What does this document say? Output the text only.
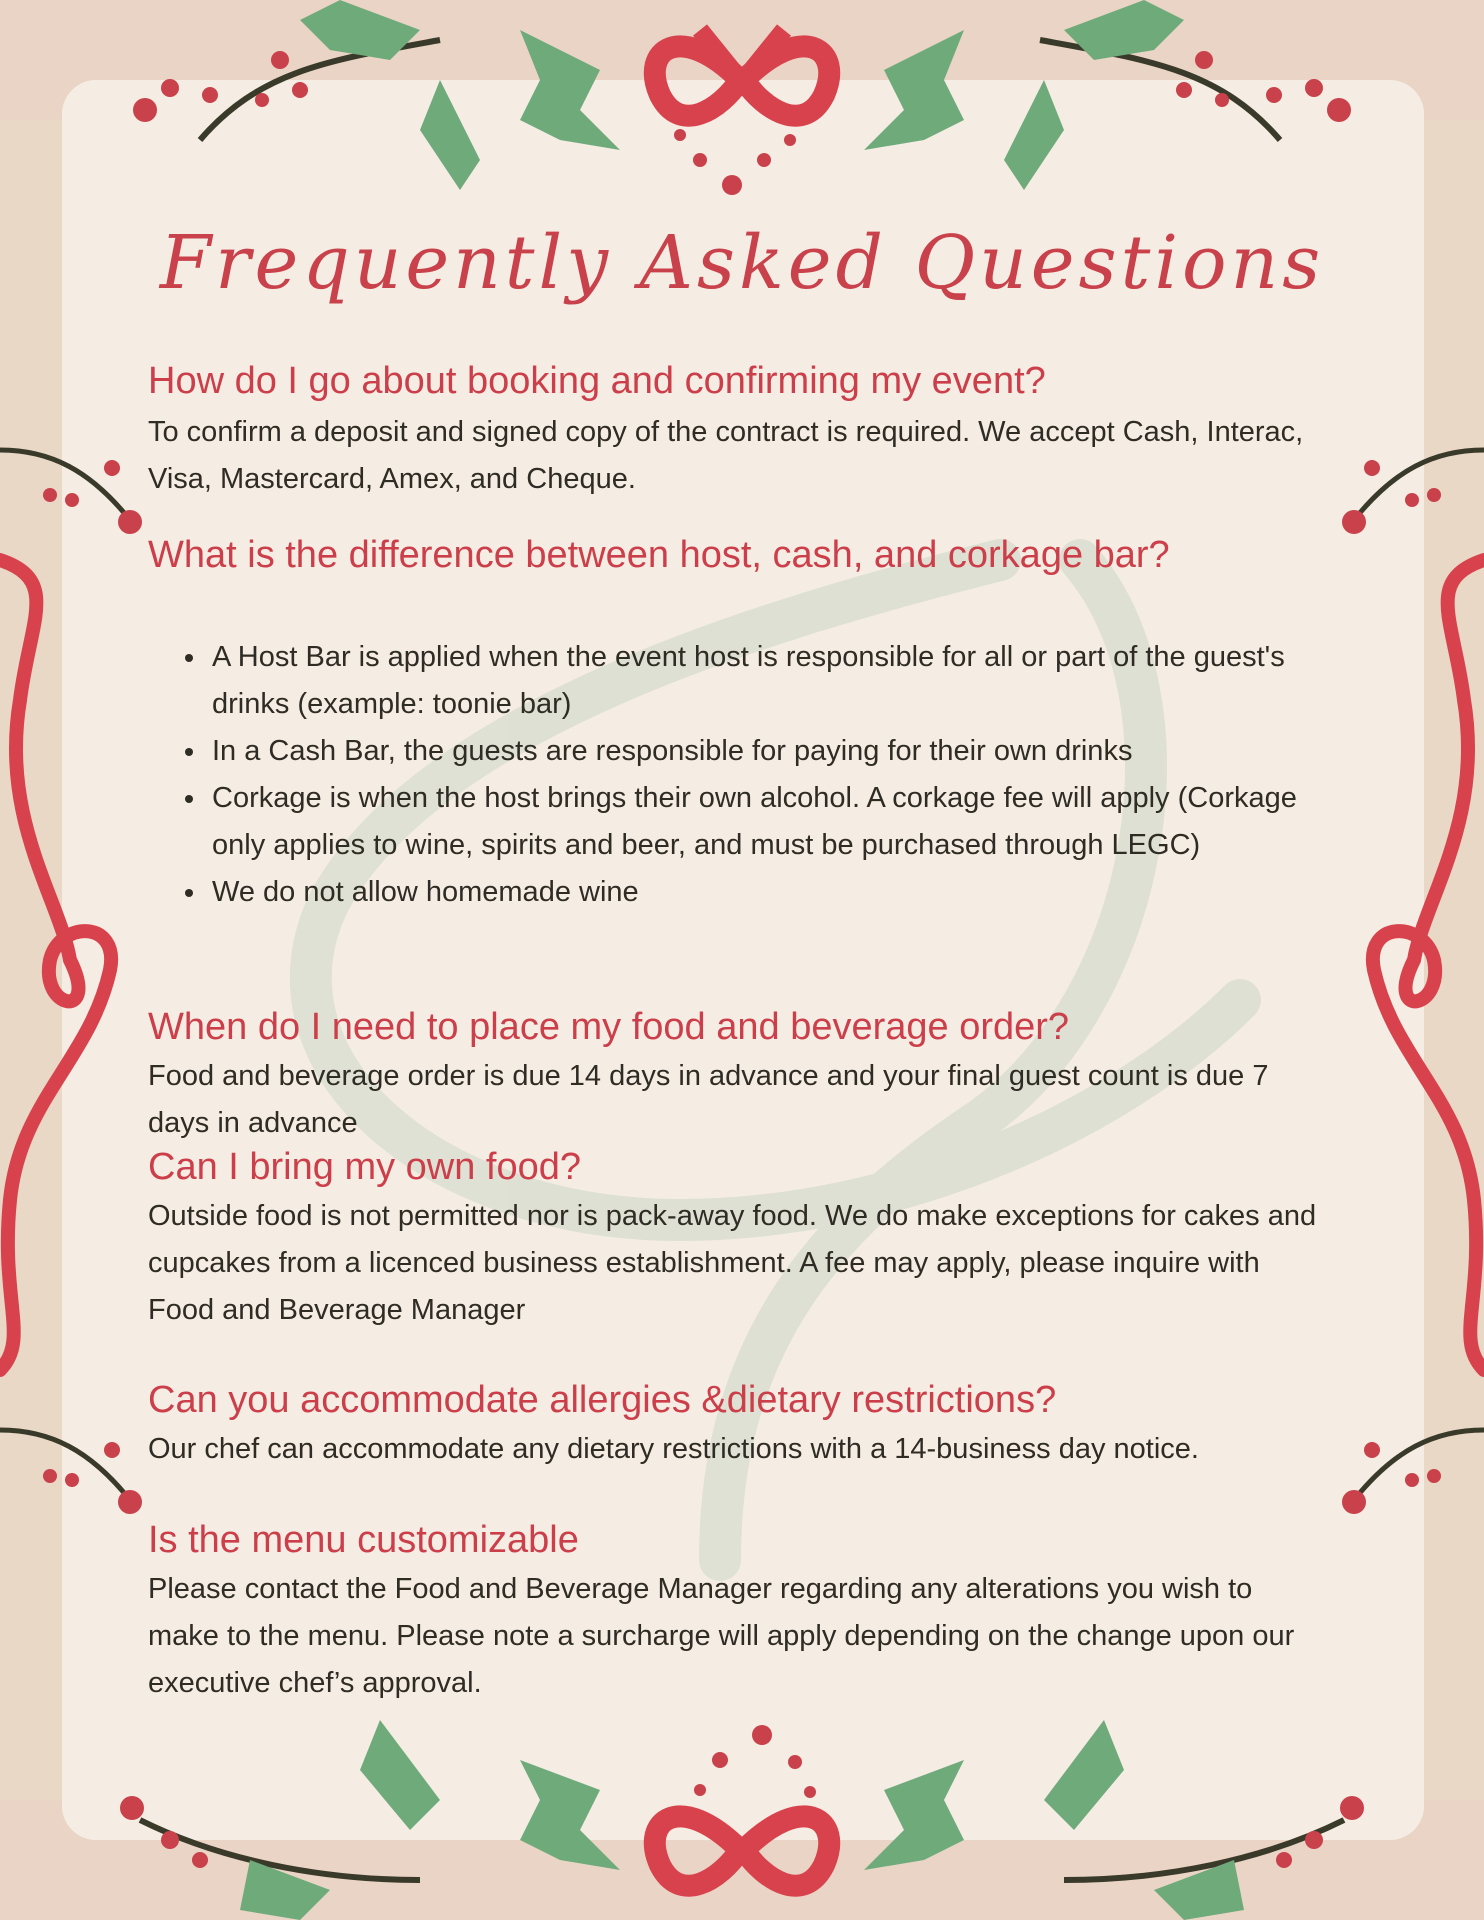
Frequently Asked Questions
How do I go about booking and confirming my event?

To confirm a deposit and signed copy of the contract is required. We accept Cash, Interac, Visa, Mastercard, Amex, and Cheque.

What is the difference between host, cash, and corkage bar?
• A Host Bar is applied when the event host is responsible for all or part of the guest's drinks (example: toonie bar)
• In a Cash Bar, the guests are responsible for paying for their own drinks
• Corkage is when the host brings their own alcohol. A corkage fee will apply (Corkage only applies to wine, spirits and beer, and must be purchased through LEGC)
• We do not allow homemade wine
When do I need to place my food and beverage order?

Food and beverage order is due 14 days in advance and your final guest count is due 7 days in advance

Can I bring my own food?

Outside food is not permitted nor is pack-away food. We do make exceptions for cakes and cupcakes from a licenced business establishment. A fee may apply, please inquire with Food and Beverage Manager

Can you accommodate allergies &dietary restrictions?

Our chef can accommodate any dietary restrictions with a 14-business day notice.

Is the menu customizable

Please contact the Food and Beverage Manager regarding any alterations you wish to make to the menu. Please note a surcharge will apply depending on the change upon our executive chef’s approval.
